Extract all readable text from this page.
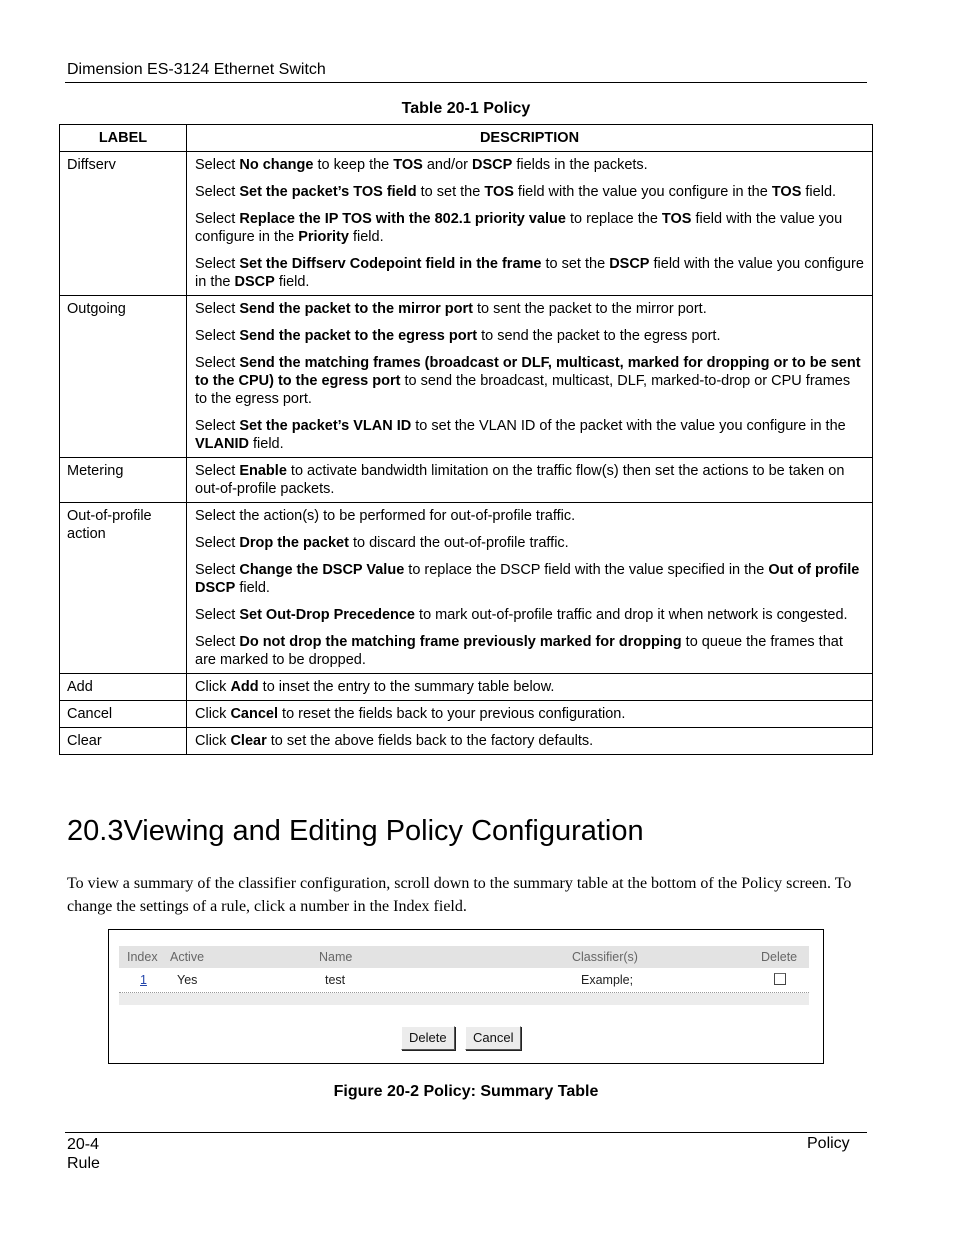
Dimension ES-3124 Ethernet Switch
Table 20-1 Policy
LABEL	DESCRIPTION
Diffserv	Select No change to keep the TOS and/or DSCP fields in the packets.

Select Set the packet’s TOS field to set the TOS field with the value you configure in the TOS field.

Select Replace the IP TOS with the 802.1 priority value to replace the TOS field with the value you configure in the Priority field.

Select Set the Diffserv Codepoint field in the frame to set the DSCP field with the value you configure in the DSCP field.

Outgoing	Select Send the packet to the mirror port to sent the packet to the mirror port.

Select Send the packet to the egress port to send the packet to the egress port.

Select Send the matching frames (broadcast or DLF, multicast, marked for dropping or to be sent to the CPU) to the egress port to send the broadcast, multicast, DLF, marked-to-drop or CPU frames to the egress port.

Select Set the packet’s VLAN ID to set the VLAN ID of the packet with the value you configure in the VLANID field.

Metering	Select Enable to activate bandwidth limitation on the traffic flow(s) then set the actions to be taken on out-of-profile packets.

Out-of-profile action	Select the action(s) to be performed for out-of-profile traffic.

Select Drop the packet to discard the out-of-profile traffic.

Select Change the DSCP Value to replace the DSCP field with the value specified in the Out of profile DSCP field.

Select Set Out-Drop Precedence to mark out-of-profile traffic and drop it when network is congested.

Select Do not drop the matching frame previously marked for dropping to queue the frames that are marked to be dropped.

Add	Click Add to inset the entry to the summary table below.

Cancel	Click Cancel to reset the fields back to your previous configuration.

Clear	Click Clear to set the above fields back to the factory defaults.

20.3Viewing and Editing Policy Configuration
To view a summary of the classifier configuration, scroll down to the summary table at the bottom of the Policy screen. To change the settings of a rule, click a number in the Index field.
Index Active	Name	Classifier(s)	Delete
1 Yes	test	Example;
Delete	Cancel
Figure 20-2 Policy: Summary Table
20-4
Rule
Policy
